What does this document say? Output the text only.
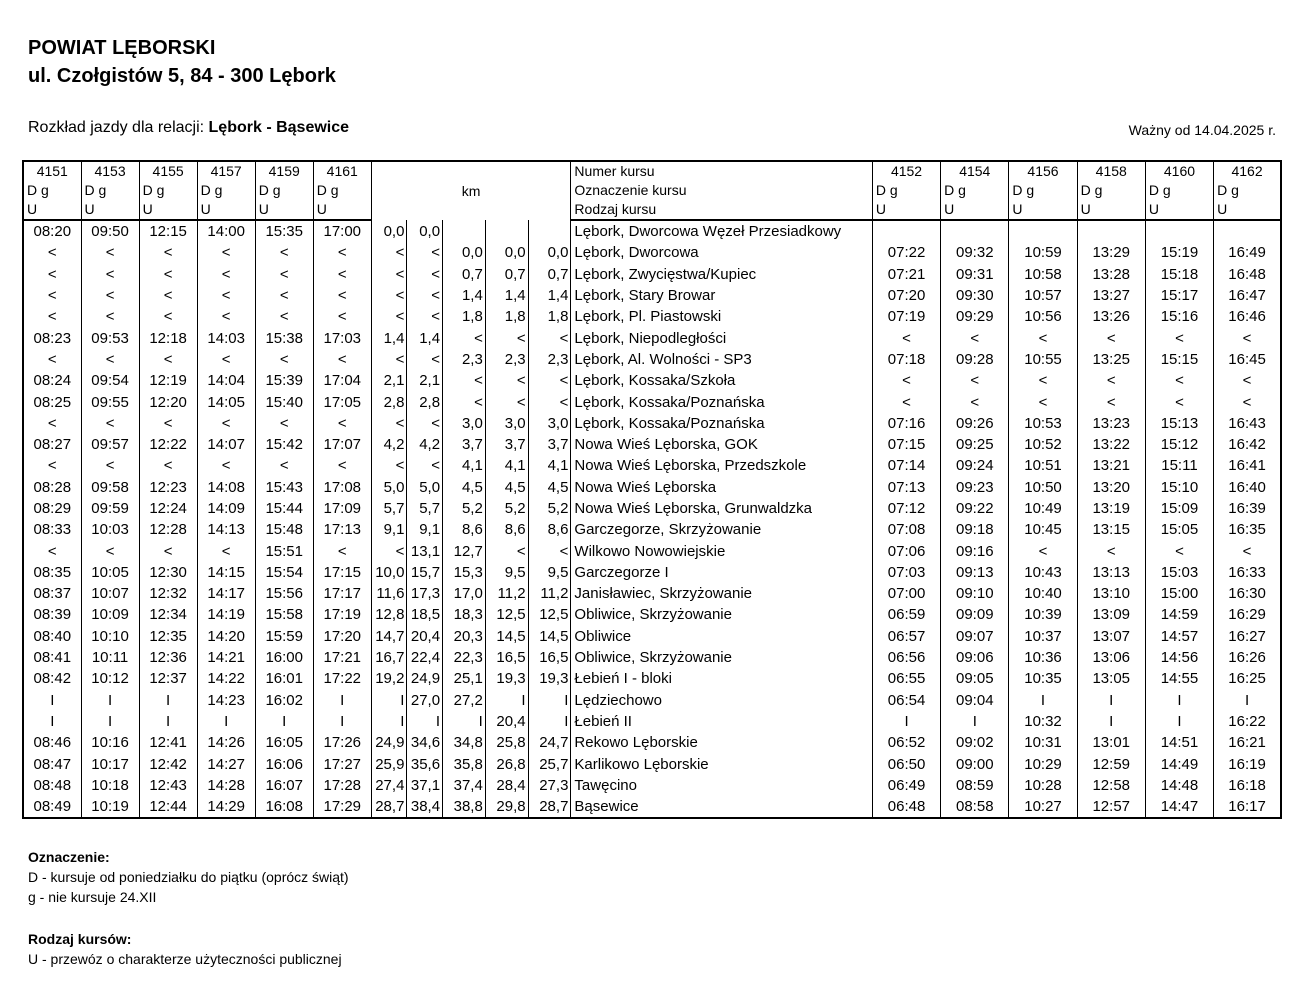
POWIAT LĘBORSKI
ul. Czołgistów 5, 84 - 300 Lębork
Rozkład jazdy dla relacji: Lębork - Bąsewice	Ważny od 14.04.2025 r.
4151	4153	4155	4157	4159	4161	km					Numer kursu	4152	4154	4156	4158	4160	4162
D g	D g	D g	D g	D g	D g						Oznaczenie kursu	D g	D g	D g	D g	D g	D g
U	U	U	U	U	U						Rodzaj kursu	U	U	U	U	U	U
08:20	09:50	12:15	14:00	15:35	17:00	0,0	0,0				Lębork, Dworcowa Węzeł Przesiadkowy						
<	<	<	<	<	<	<	<	0,0	0,0	0,0	Lębork, Dworcowa	07:22	09:32	10:59	13:29	15:19	16:49
<	<	<	<	<	<	<	<	0,7	0,7	0,7	Lębork, Zwycięstwa/Kupiec	07:21	09:31	10:58	13:28	15:18	16:48
<	<	<	<	<	<	<	<	1,4	1,4	1,4	Lębork, Stary Browar	07:20	09:30	10:57	13:27	15:17	16:47
<	<	<	<	<	<	<	<	1,8	1,8	1,8	Lębork, Pl. Piastowski	07:19	09:29	10:56	13:26	15:16	16:46
08:23	09:53	12:18	14:03	15:38	17:03	1,4	1,4	<	<	<	Lębork, Niepodległości	<	<	<	<	<	<
<	<	<	<	<	<	<	<	2,3	2,3	2,3	Lębork, Al. Wolności - SP3	07:18	09:28	10:55	13:25	15:15	16:45
08:24	09:54	12:19	14:04	15:39	17:04	2,1	2,1	<	<	<	Lębork, Kossaka/Szkoła	<	<	<	<	<	<
08:25	09:55	12:20	14:05	15:40	17:05	2,8	2,8	<	<	<	Lębork, Kossaka/Poznańska	<	<	<	<	<	<
<	<	<	<	<	<	<	<	3,0	3,0	3,0	Lębork, Kossaka/Poznańska	07:16	09:26	10:53	13:23	15:13	16:43
08:27	09:57	12:22	14:07	15:42	17:07	4,2	4,2	3,7	3,7	3,7	Nowa Wieś Lęborska, GOK	07:15	09:25	10:52	13:22	15:12	16:42
<	<	<	<	<	<	<	<	4,1	4,1	4,1	Nowa Wieś Lęborska, Przedszkole	07:14	09:24	10:51	13:21	15:11	16:41
08:28	09:58	12:23	14:08	15:43	17:08	5,0	5,0	4,5	4,5	4,5	Nowa Wieś Lęborska	07:13	09:23	10:50	13:20	15:10	16:40
08:29	09:59	12:24	14:09	15:44	17:09	5,7	5,7	5,2	5,2	5,2	Nowa Wieś Lęborska, Grunwaldzka	07:12	09:22	10:49	13:19	15:09	16:39
08:33	10:03	12:28	14:13	15:48	17:13	9,1	9,1	8,6	8,6	8,6	Garczegorze, Skrzyżowanie	07:08	09:18	10:45	13:15	15:05	16:35
<	<	<	<	15:51	<	<	13,1	12,7	<	<	Wilkowo Nowowiejskie	07:06	09:16	<	<	<	<
08:35	10:05	12:30	14:15	15:54	17:15	10,0	15,7	15,3	9,5	9,5	Garczegorze I	07:03	09:13	10:43	13:13	15:03	16:33
08:37	10:07	12:32	14:17	15:56	17:17	11,6	17,3	17,0	11,2	11,2	Janisławiec, Skrzyżowanie	07:00	09:10	10:40	13:10	15:00	16:30
08:39	10:09	12:34	14:19	15:58	17:19	12,8	18,5	18,3	12,5	12,5	Obliwice, Skrzyżowanie	06:59	09:09	10:39	13:09	14:59	16:29
08:40	10:10	12:35	14:20	15:59	17:20	14,7	20,4	20,3	14,5	14,5	Obliwice	06:57	09:07	10:37	13:07	14:57	16:27
08:41	10:11	12:36	14:21	16:00	17:21	16,7	22,4	22,3	16,5	16,5	Obliwice, Skrzyżowanie	06:56	09:06	10:36	13:06	14:56	16:26
08:42	10:12	12:37	14:22	16:01	17:22	19,2	24,9	25,1	19,3	19,3	Łebień I - bloki	06:55	09:05	10:35	13:05	14:55	16:25
I	I	I	14:23	16:02	I	I	27,0	27,2	I	I	Lędziechowo	06:54	09:04	I	I	I	I
I	I	I	I	I	I	I	I	I	20,4	I	Łebień II	I	I	10:32	I	I	16:22
08:46	10:16	12:41	14:26	16:05	17:26	24,9	34,6	34,8	25,8	24,7	Rekowo Lęborskie	06:52	09:02	10:31	13:01	14:51	16:21
08:47	10:17	12:42	14:27	16:06	17:27	25,9	35,6	35,8	26,8	25,7	Karlikowo Lęborskie	06:50	09:00	10:29	12:59	14:49	16:19
08:48	10:18	12:43	14:28	16:07	17:28	27,4	37,1	37,4	28,4	27,3	Tawęcino	06:49	08:59	10:28	12:58	14:48	16:18
08:49	10:19	12:44	14:29	16:08	17:29	28,7	38,4	38,8	29,8	28,7	Bąsewice	06:48	08:58	10:27	12:57	14:47	16:17
Oznaczenie:
D - kursuje od poniedziałku do piątku (oprócz świąt)
g - nie kursuje 24.XII
Rodzaj kursów:
U - przewóz o charakterze użyteczności publicznej
